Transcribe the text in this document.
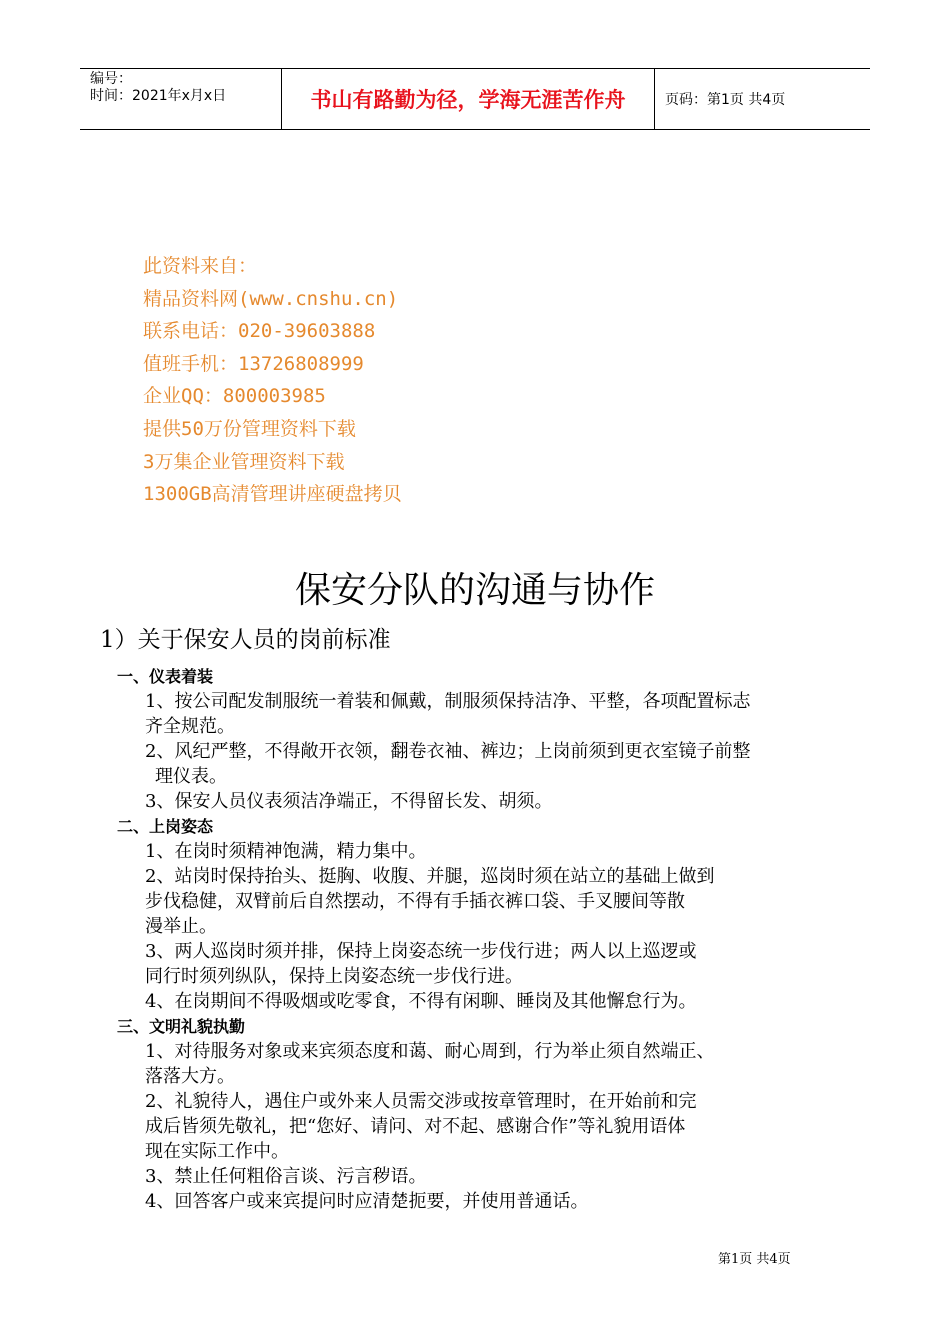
编号：
时间：2021年x月x日	书山有路勤为径，学海无涯苦作舟	页码：第1页 共4页
此资料来自：
精品资料网(www.cnshu.cn)
联系电话：020-39603888
值班手机：13726808999
企业QQ：800003985
提供50万份管理资料下载
3万集企业管理资料下载
1300GB高清管理讲座硬盘拷贝
保安分队的沟通与协作
1）关于保安人员的岗前标准
一、仪表着装
1、按公司配发制服统一着装和佩戴，制服须保持洁净、平整，各项配置标志
齐全规范。
2、风纪严整，不得敞开衣领，翻卷衣袖、裤边；上岗前须到更衣室镜子前整
理仪表。
3、保安人员仪表须洁净端正，不得留长发、胡须。
二、上岗姿态
1、在岗时须精神饱满，精力集中。
2、站岗时保持抬头、挺胸、收腹、并腿，巡岗时须在站立的基础上做到
步伐稳健，双臂前后自然摆动，不得有手插衣裤口袋、手叉腰间等散
漫举止。
3、两人巡岗时须并排，保持上岗姿态统一步伐行进；两人以上巡逻或
同行时须列纵队，保持上岗姿态统一步伐行进。
4、在岗期间不得吸烟或吃零食，不得有闲聊、睡岗及其他懈怠行为。
三、文明礼貌执勤
1、对待服务对象或来宾须态度和蔼、耐心周到，行为举止须自然端正、
落落大方。
2、礼貌待人，遇住户或外来人员需交涉或按章管理时，在开始前和完
成后皆须先敬礼，把“您好、请问、对不起、感谢合作”等礼貌用语体
现在实际工作中。
3、禁止任何粗俗言谈、污言秽语。
4、回答客户或来宾提问时应清楚扼要，并使用普通话。
第1页 共4页
